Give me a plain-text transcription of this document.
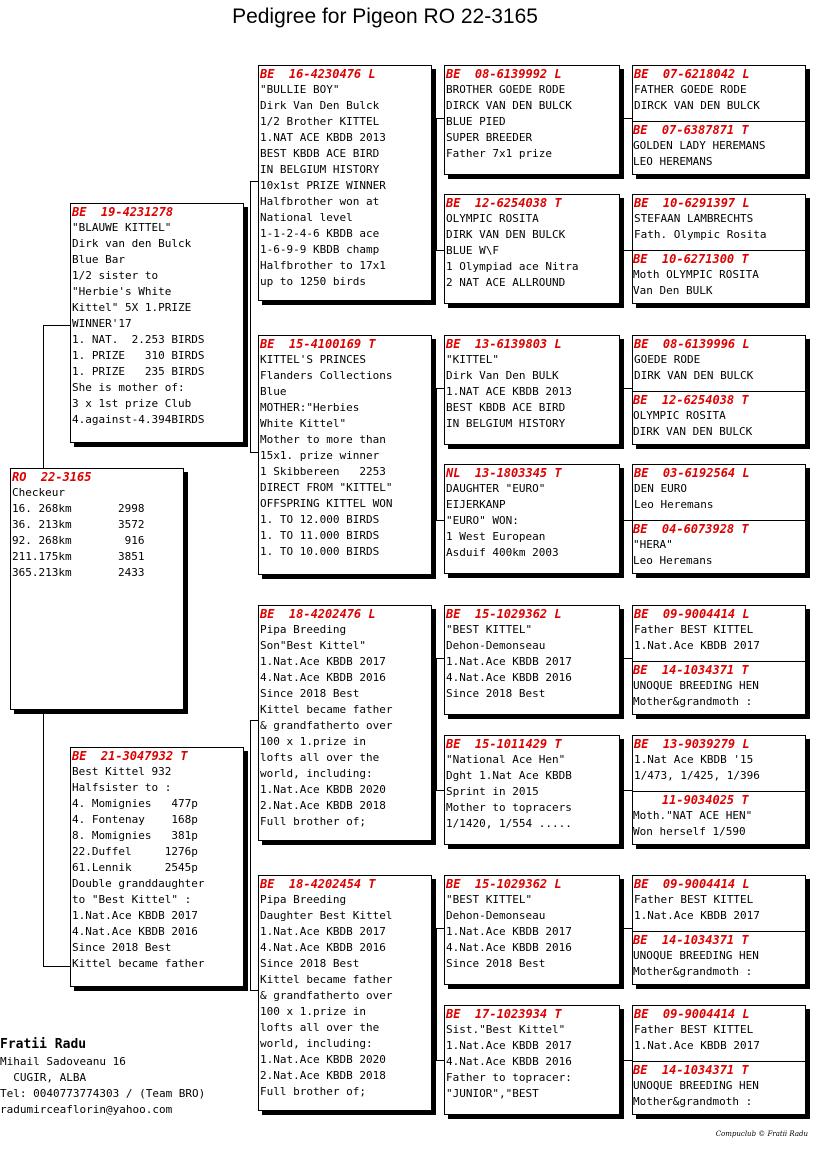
Pedigree for Pigeon RO 22-3165
RO  22-3165
Checkeur
16. 268km       2998
36. 213km       3572
92. 268km        916
211.175km       3851
365.213km       2433
BE  19-4231278
"BLAUWE KITTEL"
Dirk van den Bulck
Blue Bar
1/2 sister to
"Herbie's White
Kittel" 5X 1.PRIZE
WINNER'17
1. NAT.  2.253 BIRDS
1. PRIZE   310 BIRDS
1. PRIZE   235 BIRDS
She is mother of:
3 x 1st prize Club
4.against-4.394BIRDS
BE  21-3047932 T
Best Kittel 932
Halfsister to :
4. Momignies   477p
4. Fontenay    168p
8. Momignies   381p
22.Duffel     1276p
61.Lennik     2545p
Double granddaughter
to "Best Kittel" :
1.Nat.Ace KBDB 2017
4.Nat.Ace KBDB 2016
Since 2018 Best
Kittel became father
BE  16-4230476 L
"BULLIE BOY"
Dirk Van Den Bulck
1/2 Brother KITTEL
1.NAT ACE KBDB 2013
BEST KBDB ACE BIRD
IN BELGIUM HISTORY
10x1st PRIZE WINNER
Halfbrother won at
National level
1-1-2-4-6 KBDB ace
1-6-9-9 KBDB champ
Halfbrother to 17x1
up to 1250 birds
BE  15-4100169 T
KITTEL'S PRINCES
Flanders Collections
Blue
MOTHER:"Herbies
White Kittel"
Mother to more than
15x1. prize winner
1 Skibbereen   2253
DIRECT FROM "KITTEL"
OFFSPRING KITTEL WON
1. TO 12.000 BIRDS
1. TO 11.000 BIRDS
1. TO 10.000 BIRDS
BE  18-4202476 L
Pipa Breeding
Son"Best Kittel"
1.Nat.Ace KBDB 2017
4.Nat.Ace KBDB 2016
Since 2018 Best
Kittel became father
& grandfatherto over
100 x 1.prize in
lofts all over the
world, including:
1.Nat.Ace KBDB 2020
2.Nat.Ace KBDB 2018
Full brother of;
BE  18-4202454 T
Pipa Breeding
Daughter Best Kittel
1.Nat.Ace KBDB 2017
4.Nat.Ace KBDB 2016
Since 2018 Best
Kittel became father
& grandfatherto over
100 x 1.prize in
lofts all over the
world, including:
1.Nat.Ace KBDB 2020
2.Nat.Ace KBDB 2018
Full brother of;
BE  08-6139992 L
BROTHER GOEDE RODE
DIRCK VAN DEN BULCK
BLUE PIED
SUPER BREEDER
Father 7x1 prize
BE  12-6254038 T
OLYMPIC ROSITA
DIRK VAN DEN BULCK
BLUE W\F
1 Olympiad ace Nitra
2 NAT ACE ALLROUND
BE  13-6139803 L
"KITTEL"
Dirk Van Den BULK
1.NAT ACE KBDB 2013
BEST KBDB ACE BIRD
IN BELGIUM HISTORY
NL  13-1803345 T
DAUGHTER "EURO"
EIJERKANP
"EURO" WON:
1 West European
Asduif 400km 2003
BE  15-1029362 L
"BEST KITTEL"
Dehon-Demonseau
1.Nat.Ace KBDB 2017
4.Nat.Ace KBDB 2016
Since 2018 Best
BE  15-1011429 T
"National Ace Hen"
Dght 1.Nat Ace KBDB
Sprint in 2015
Mother to topracers
1/1420, 1/554 .....
BE  15-1029362 L
"BEST KITTEL"
Dehon-Demonseau
1.Nat.Ace KBDB 2017
4.Nat.Ace KBDB 2016
Since 2018 Best
BE  17-1023934 T
Sist."Best Kittel"
1.Nat.Ace KBDB 2017
4.Nat.Ace KBDB 2016
Father to topracer:
"JUNIOR","BEST
BE  07-6218042 L
FATHER GOEDE RODE
DIRCK VAN DEN BULCK
BE  07-6387871 T
GOLDEN LADY HEREMANS
LEO HEREMANS
BE  10-6291397 L
STEFAAN LAMBRECHTS
Fath. Olympic Rosita
BE  10-6271300 T
Moth OLYMPIC ROSITA
Van Den BULK
BE  08-6139996 L
GOEDE RODE
DIRK VAN DEN BULCK
BE  12-6254038 T
OLYMPIC ROSITA
DIRK VAN DEN BULCK
BE  03-6192564 L
DEN EURO
Leo Heremans
BE  04-6073928 T
"HERA"
Leo Heremans
BE  09-9004414 L
Father BEST KITTEL
1.Nat.Ace KBDB 2017
BE  14-1034371 T
UNOQUE BREEDING HEN
Mother&grandmoth :
BE  13-9039279 L
1.Nat Ace KBDB '15
1/473, 1/425, 1/396
11-9034025 T
Moth."NAT ACE HEN"
Won herself 1/590
BE  09-9004414 L
Father BEST KITTEL
1.Nat.Ace KBDB 2017
BE  14-1034371 T
UNOQUE BREEDING HEN
Mother&grandmoth :
BE  09-9004414 L
Father BEST KITTEL
1.Nat.Ace KBDB 2017
BE  14-1034371 T
UNOQUE BREEDING HEN
Mother&grandmoth :
Fratii Radu
Mihail Sadoveanu 16
CUGIR, ALBA
Tel: 0040773774303 / (Team BRO)
radumirceaflorin@yahoo.com
Compuclub © Fratii Radu
